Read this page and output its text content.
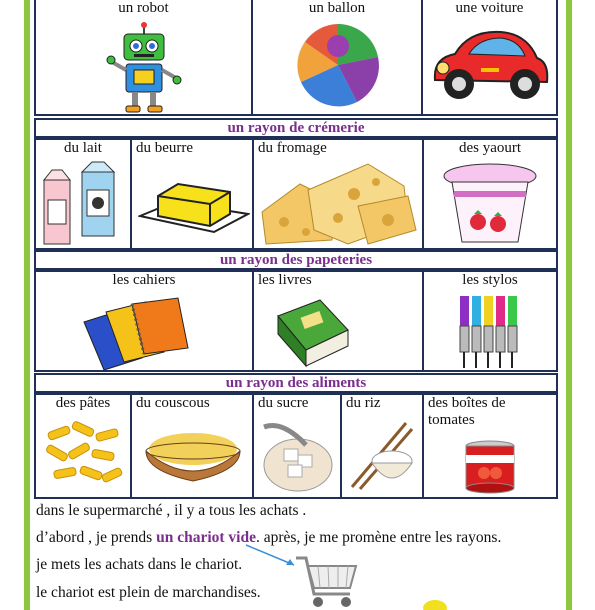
un robot	un ballon	une voiture
un rayon de crémerie
du lait	du beurre	du fromage	des yaourt
un rayon des papeteries
les cahiers	les livres	les stylos
un rayon des aliments
des pâtes	du couscous	du sucre	du riz	des boîtes de tomates
dans le supermarché , il y a tous les achats .
d’abord , je prends un chariot vide. après, je me promène entre les rayons.
je mets les achats dans le chariot.
le chariot est plein de marchandises.
